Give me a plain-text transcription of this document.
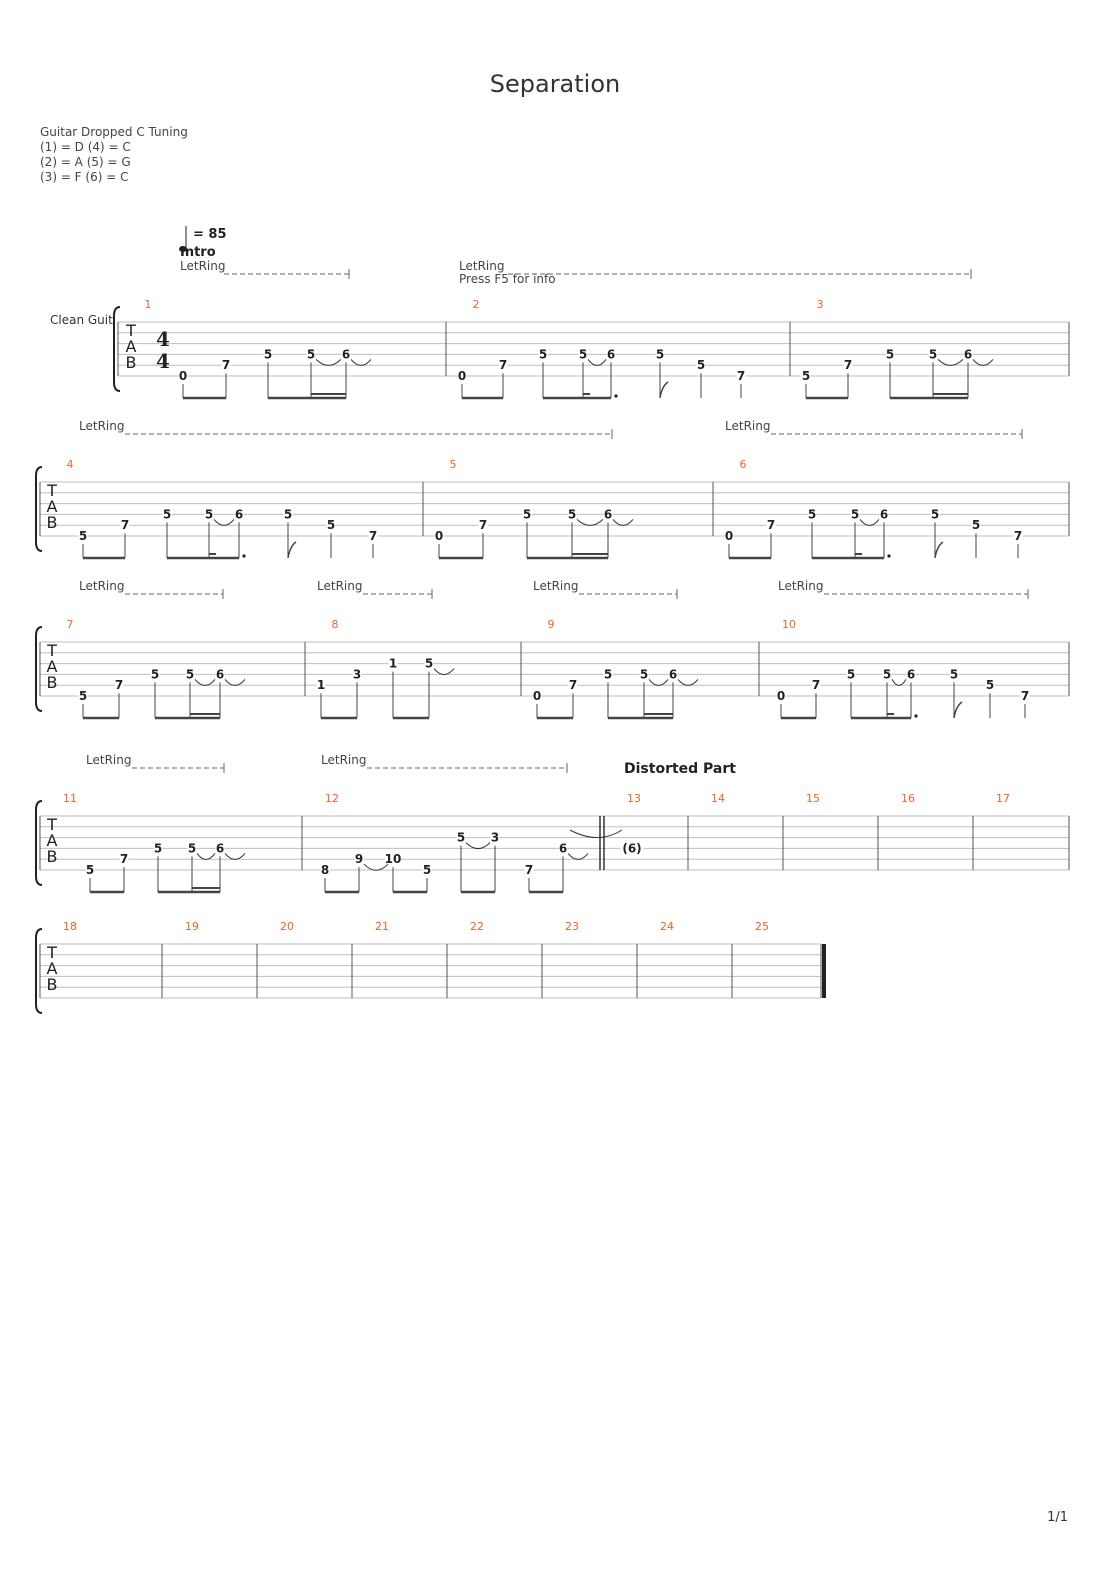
Separation
Guitar Dropped C Tuning
(1) = D (4) = C
(2) = A (5) = G
(3) = F (6) = C
1/1
T
A
B
4
4
LetRing	LetRing
1
0
7
5	5 6
2
0
7
5	5 6	5
5
7
3
5
7
5	5 6
T
A
B
LetRing	LetRing
4
5
7
5	5 6	5
5
7
5
0
7
5	5 6
6
0
7
5	5 6	5
5
7
T
A
B
LetRing	LetRing	LetRing	LetRing
7
5
7
5 5 6
8
1
3
1 5
9
0
7
5 5 6
10
0
7
5 5 6	5
5
7
T
A
B
LetRing	LetRing
11
5
7
5 5 6
12
8
9 10
5
5 3
7
6
13
(6)
14	15	16	17
T
A
B
18	19	20	21	22	23	24	25
= 85
Intro
Clean Guit
Press F5 for info
Distorted Part
